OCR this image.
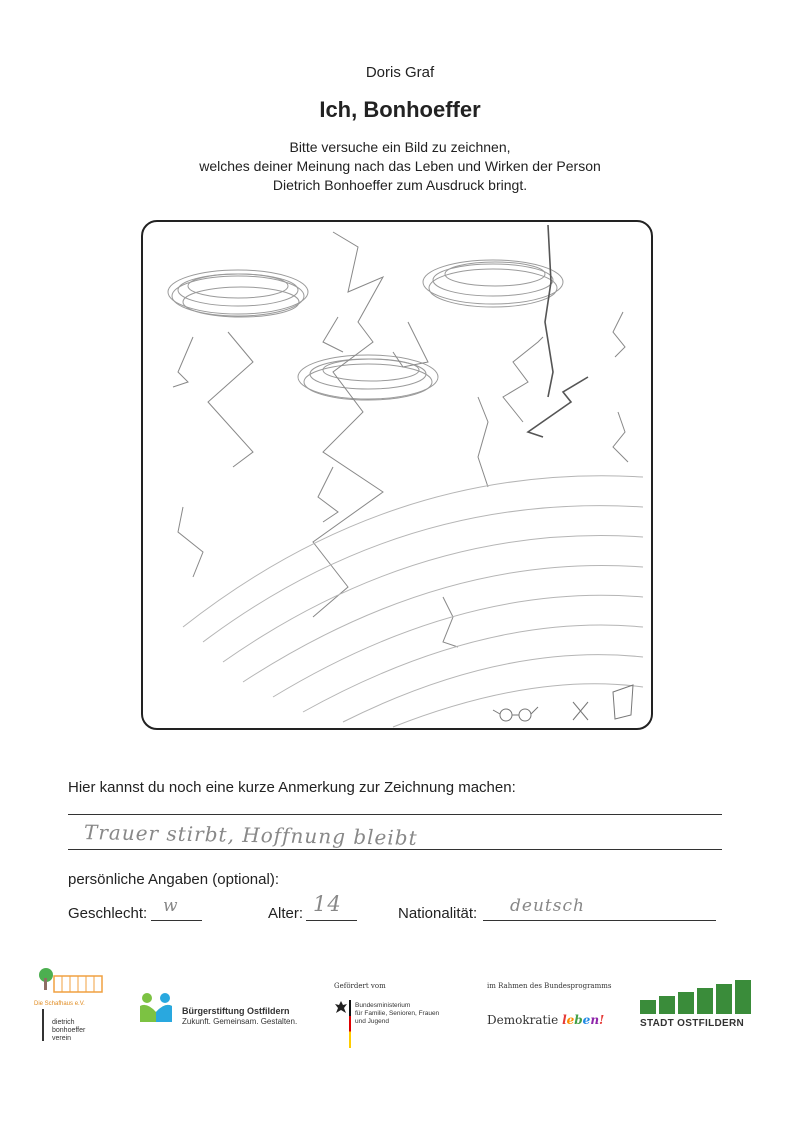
Doris Graf
Ich, Bonhoeffer
Bitte versuche ein Bild zu zeichnen,
welches deiner Meinung nach das Leben und Wirken der Person
Dietrich Bonhoeffer zum Ausdruck bringt.
Hier kannst du noch eine kurze Anmerkung zur Zeichnung machen:
Trauer stirbt, Hoffnung bleibt
persönliche Angaben (optional):
Geschlecht: w	Alter: 14	Nationalität: deutsch
Die Schafhaus e.V.
dietrich
bonhoeffer
verein
Bürgerstiftung Ostfildern
Zukunft. Gemeinsam. Gestalten.
Gefördert vom
Bundesministerium
für Familie, Senioren, Frauen
und Jugend
im Rahmen des Bundesprogramms
Demokratie leben!	STADT OSTFILDERN
